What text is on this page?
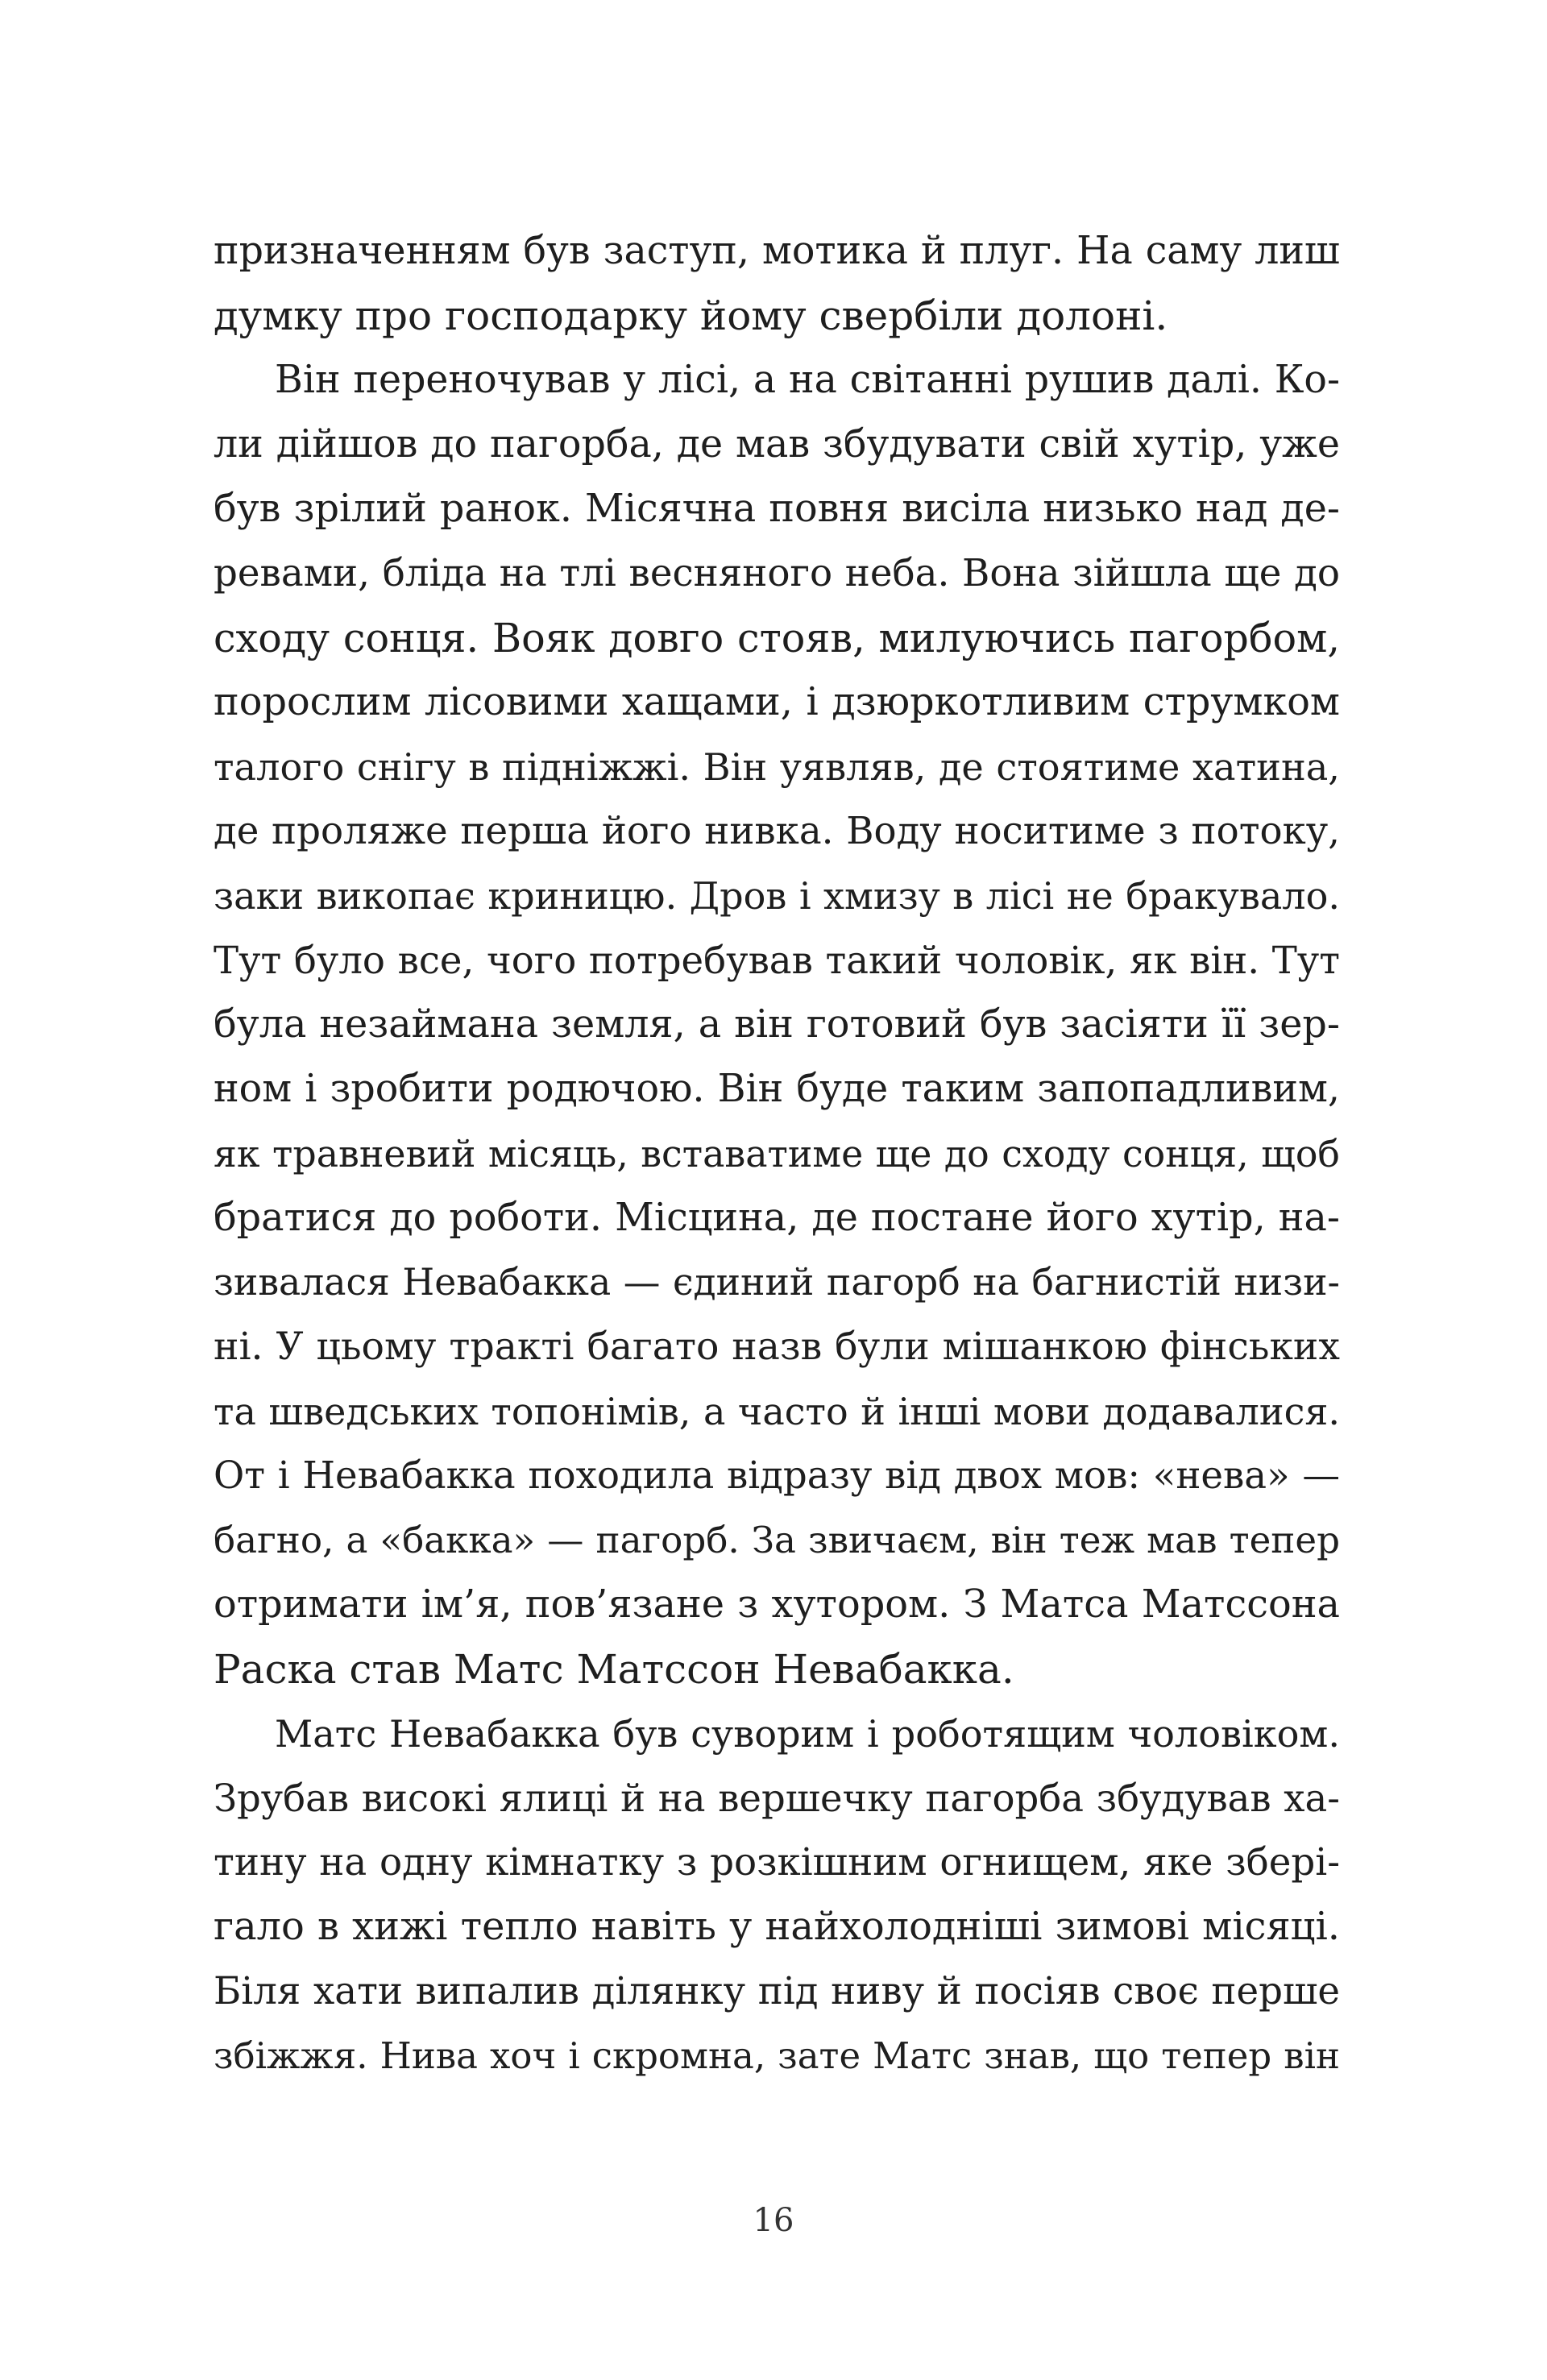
призначенням був заступ, мотика й плуг. На саму лиш
думку про господарку йому свербіли долоні.
Він переночував у лісі, а на світанні рушив далі. Ко-
ли дійшов до пагорба, де мав збудувати свій хутір, уже
був зрілий ранок. Місячна повня висіла низько над де-
ревами, бліда на тлі весняного неба. Вона зійшла ще до
сходу сонця. Вояк довго стояв, милуючись пагорбом,
порослим лісовими хащами, і дзюркотливим струмком
талого снігу в підніжжі. Він уявляв, де стоятиме хатина,
де проляже перша його нивка. Воду носитиме з потоку,
заки викопає криницю. Дров і хмизу в лісі не бракувало.
Тут було все, чого потребував такий чоловік, як він. Тут
була незаймана земля, а він готовий був засіяти її зер-
ном і зробити родючою. Він буде таким запопадливим,
як травневий місяць, вставатиме ще до сходу сонця, щоб
братися до роботи. Місцина, де постане його хутір, на-
зивалася Невабакка — єдиний пагорб на багнистій низи-
ні. У цьому тракті багато назв були мішанкою фінських
та шведських топонімів, а часто й інші мови додавалися.
От і Невабакка походила відразу від двох мов: «нева» —
багно, а «бакка» — пагорб. За звичаєм, він теж мав тепер
отримати ім’я, пов’язане з хутором. З Матса Матссона
Раска став Матс Матссон Невабакка.
Матс Невабакка був суворим і роботящим чоловіком.
Зрубав високі ялиці й на вершечку пагорба збудував ха-
тину на одну кімнатку з розкішним огнищем, яке збері-
гало в хижі тепло навіть у найхолодніші зимові місяці.
Біля хати випалив ділянку під ниву й посіяв своє перше
збіжжя. Нива хоч і скромна, зате Матс знав, що тепер він
16
